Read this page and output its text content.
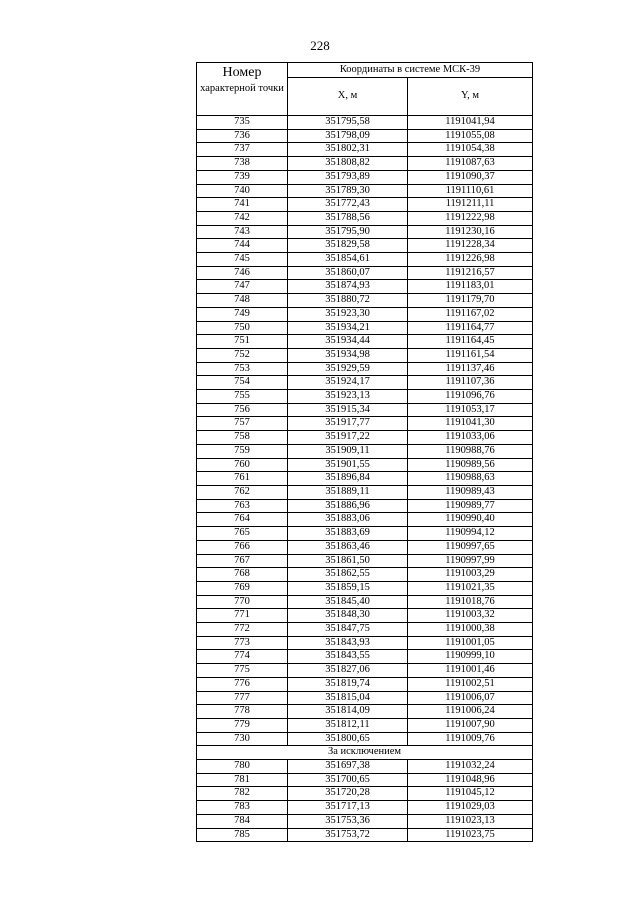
228
Номер
характерной точки	Координаты в системе МСК-39	
	X, м	Y, м
735	351795,58	1191041,94
736	351798,09	1191055,08
737	351802,31	1191054,38
738	351808,82	1191087,63
739	351793,89	1191090,37
740	351789,30	1191110,61
741	351772,43	1191211,11
742	351788,56	1191222,98
743	351795,90	1191230,16
744	351829,58	1191228,34
745	351854,61	1191226,98
746	351860,07	1191216,57
747	351874,93	1191183,01
748	351880,72	1191179,70
749	351923,30	1191167,02
750	351934,21	1191164,77
751	351934,44	1191164,45
752	351934,98	1191161,54
753	351929,59	1191137,46
754	351924,17	1191107,36
755	351923,13	1191096,76
756	351915,34	1191053,17
757	351917,77	1191041,30
758	351917,22	1191033,06
759	351909,11	1190988,76
760	351901,55	1190989,56
761	351896,84	1190988,63
762	351889,11	1190989,43
763	351886,96	1190989,77
764	351883,06	1190990,40
765	351883,69	1190994,12
766	351863,46	1190997,65
767	351861,50	1190997,99
768	351862,55	1191003,29
769	351859,15	1191021,35
770	351845,40	1191018,76
771	351848,30	1191003,32
772	351847,75	1191000,38
773	351843,93	1191001,05
774	351843,55	1190999,10
775	351827,06	1191001,46
776	351819,74	1191002,51
777	351815,04	1191006,07
778	351814,09	1191006,24
779	351812,11	1191007,90
730	351800,65	1191009,76
За исключением		
780	351697,38	1191032,24
781	351700,65	1191048,96
782	351720,28	1191045,12
783	351717,13	1191029,03
784	351753,36	1191023,13
785	351753,72	1191023,75
